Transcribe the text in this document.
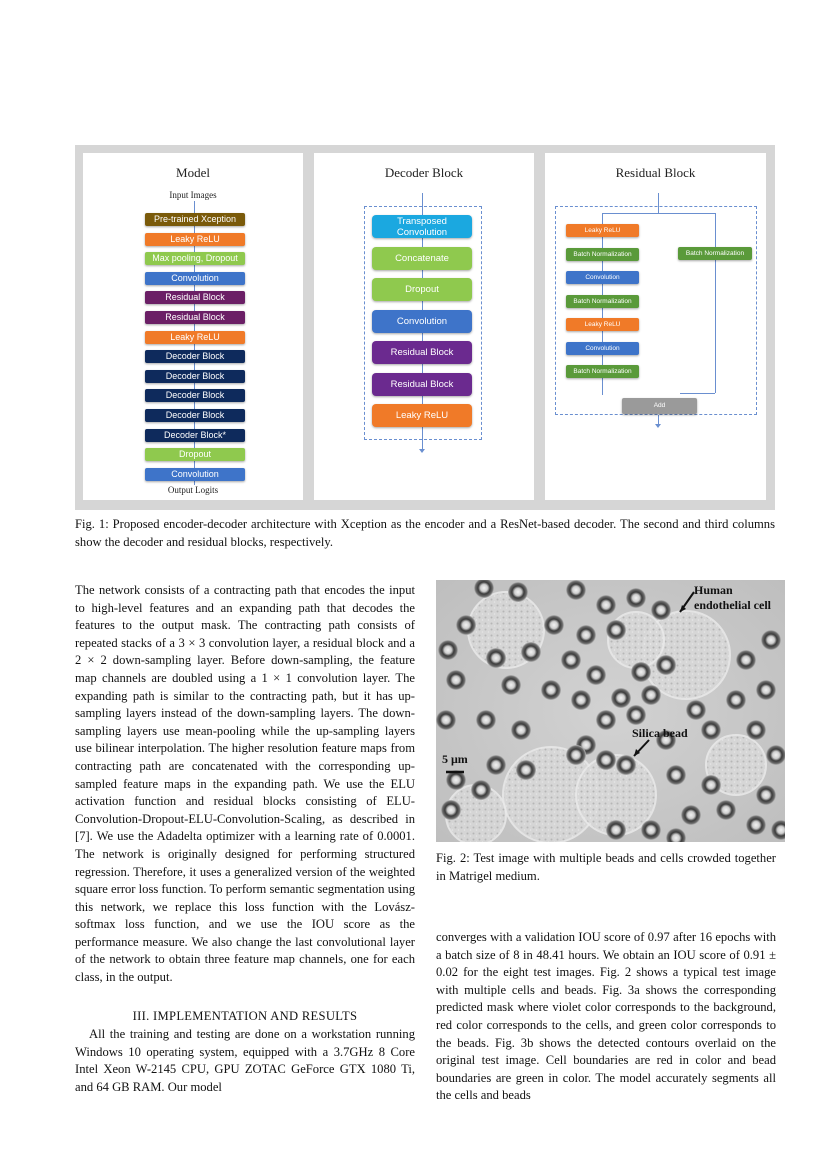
Model
Input Images
Pre-trained Xception
Leaky ReLU
Max pooling, Dropout
Convolution
Residual Block
Residual Block
Leaky ReLU
Decoder Block
Decoder Block
Decoder Block
Decoder Block
Decoder Block*
Dropout
Convolution
Output Logits
Decoder Block
Transposed
Convolution
Concatenate
Dropout
Convolution
Residual Block
Residual Block
Leaky ReLU
Residual Block
Leaky ReLU
Batch Normalization
Convolution
Batch Normalization
Leaky ReLU
Convolution
Batch Normalization
Batch Normalization
Add
Fig. 1: Proposed encoder-decoder architecture with Xception as the encoder and a ResNet-based decoder. The second and third columns show the decoder and residual blocks, respectively.

The network consists of a contracting path that encodes the input to high-level features and an expanding path that decodes the features to the output mask. The contracting path consists of repeated stacks of a 3 × 3 convolution layer, a residual block and a 2 × 2 down-sampling layer. Before down-sampling, the feature map channels are doubled using a 1 × 1 convolution layer. The expanding path is similar to the contracting path, but it has up-sampling layers instead of the down-sampling layers. The down-sampling layers use mean-pooling while the up-sampling layers use bilinear interpolation. The higher resolution feature maps from contracting path are concatenated with the corresponding up-sampled feature maps in the expanding path. We use the ELU activation function and residual blocks consisting of ELU-Convolution-Dropout-ELU-Convolution-Scaling, as described in [7]. We use the Adadelta optimizer with a learning rate of 0.0001. The network is originally designed for performing structured regression. Therefore, it uses a generalized version of the weighted square error loss function. To perform semantic segmentation using this network, we replace this loss function with the Lovász-softmax loss function, and we use the IOU score as the performance measure. We also change the last convolutional layer of the network to obtain three feature map channels, one for each class, in the output.

III. IMPLEMENTATION AND RESULTS
All the training and testing are done on a workstation running Windows 10 operating system, equipped with a 3.7GHz 8 Core Intel Xeon W-2145 CPU, GPU ZOTAC GeForce GTX 1080 Ti, and 64 GB RAM. Our model
Human
endothelial cell
Silica bead
5 μm
Fig. 2: Test image with multiple beads and cells crowded together in Matrigel medium.
converges with a validation IOU score of 0.97 after 16 epochs with a batch size of 8 in 48.41 hours. We obtain an IOU score of 0.91 ± 0.02 for the eight test images. Fig. 2 shows a typical test image with multiple cells and beads. Fig. 3a shows the corresponding predicted mask where violet color corresponds to the background, red color corresponds to the cells, and green color corresponds to the beads. Fig. 3b shows the detected contours overlaid on the original test image. Cell boundaries are red in color and bead boundaries are green in color. The model accurately segments all the cells and beads
